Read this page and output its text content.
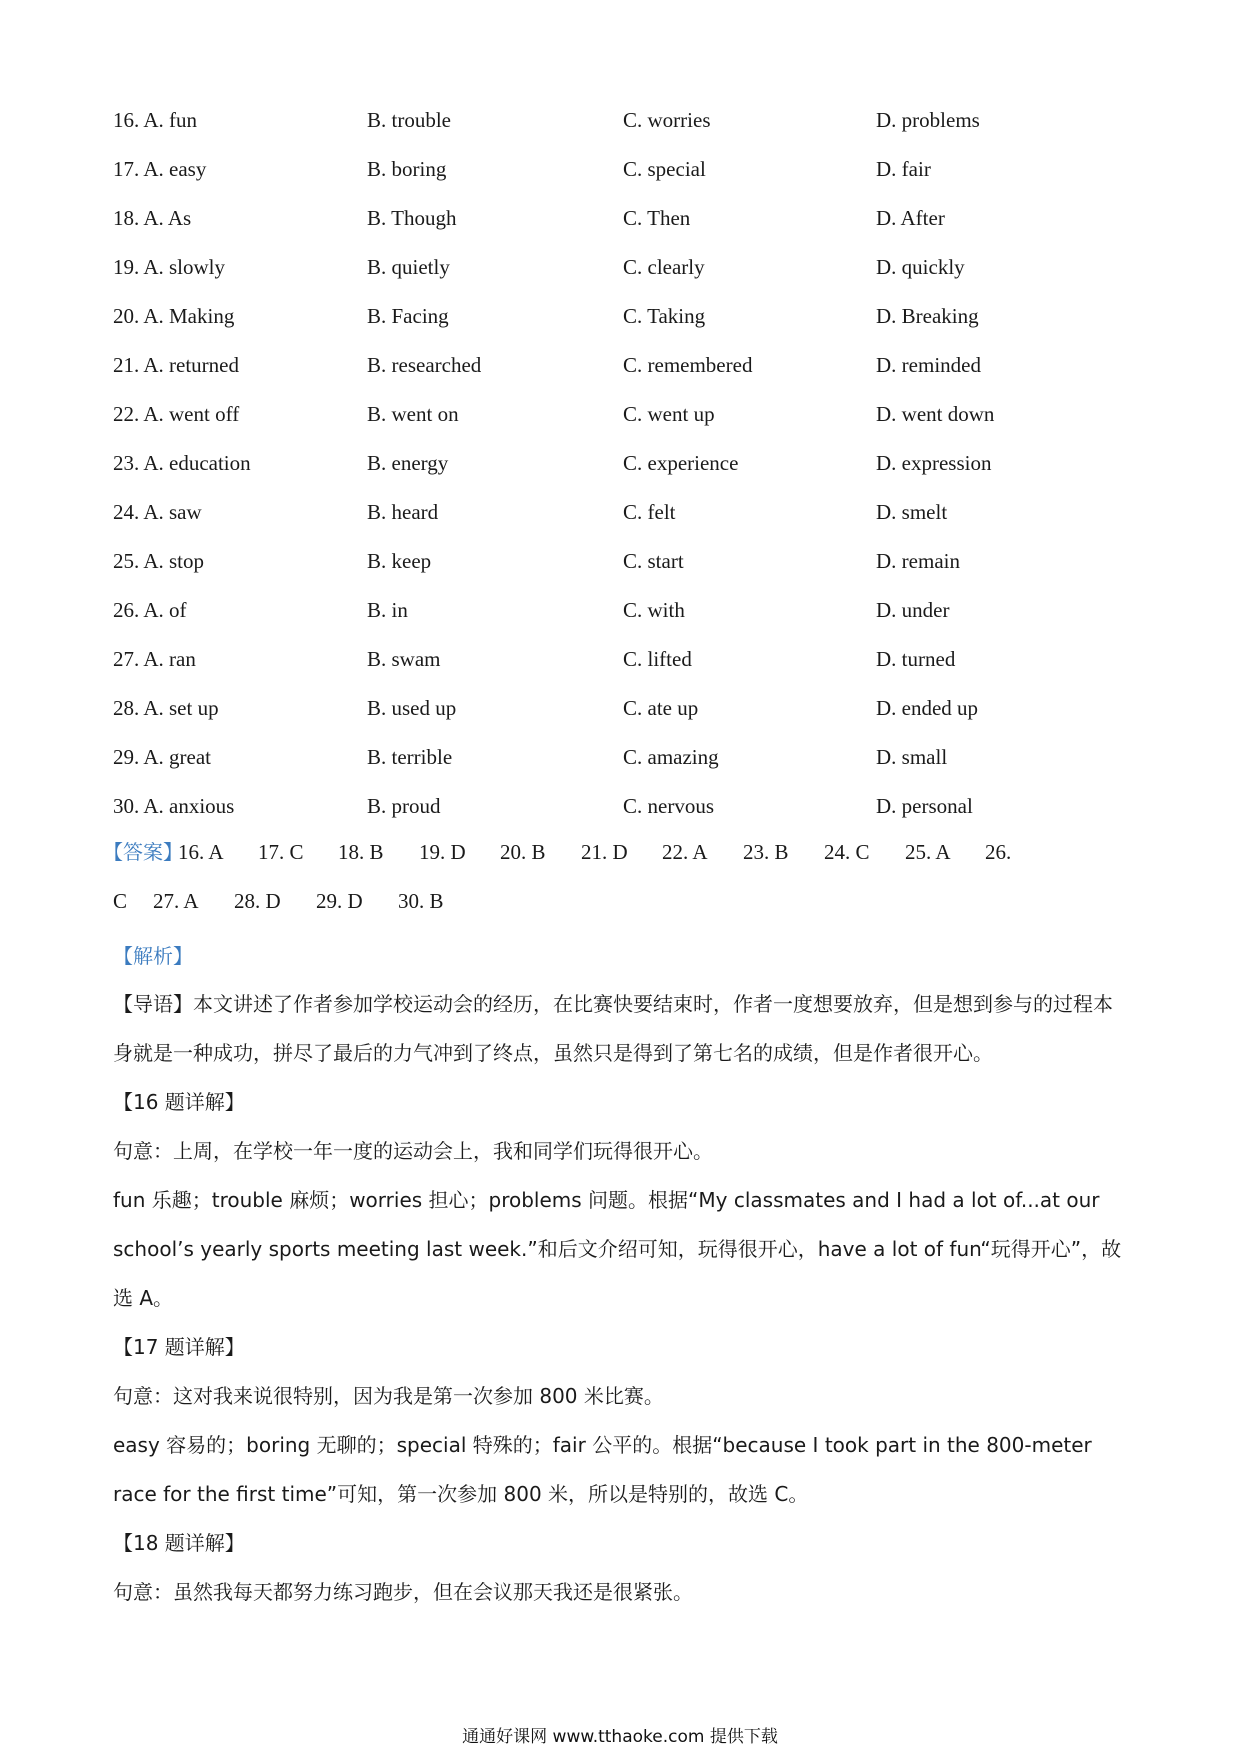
16. A. fun	B. trouble	C. worries	D. problems
17. A. easy	B. boring	C. special	D. fair
18. A. As	B. Though	C. Then	D. After
19. A. slowly	B. quietly	C. clearly	D. quickly
20. A. Making	B. Facing	C. Taking	D. Breaking
21. A. returned	B. researched	C. remembered	D. reminded
22. A. went off	B. went on	C. went up	D. went down
23. A. education	B. energy	C. experience	D. expression
24. A. saw	B. heard	C. felt	D. smelt
25. A. stop	B. keep	C. start	D. remain
26. A. of	B. in	C. with	D. under
27. A. ran	B. swam	C. lifted	D. turned
28. A. set up	B. used up	C. ate up	D. ended up
29. A. great	B. terrible	C. amazing	D. small
30. A. anxious	B. proud	C. nervous	D. personal
【答案】
16. A 17. C 18. B 19. D 20. B 21. D 22. A 23. B 24. C 25. A 26.
C 27. A 28. D 29. D 30. B
【解析】
【导语】本文讲述了作者参加学校运动会的经历，在比赛快要结束时，作者一度想要放弃，但是想到参与的过程本身就是一种成功，拼尽了最后的力气冲到了终点，虽然只是得到了第七名的成绩，但是作者很开心。
【16 题详解】
句意：上周，在学校一年一度的运动会上，我和同学们玩得很开心。
fun 乐趣；trouble 麻烦；worries 担心；problems 问题。根据“My classmates and I had a lot of...at our school’s yearly sports meeting last week.”和后文介绍可知，玩得很开心，have a lot of fun“玩得开心”，故选 A。
【17 题详解】
句意：这对我来说很特别，因为我是第一次参加 800 米比赛。
easy 容易的；boring 无聊的；special 特殊的；fair 公平的。根据“because I took part in the 800-meter race for the first time”可知，第一次参加 800 米，所以是特别的，故选 C。
【18 题详解】
句意：虽然我每天都努力练习跑步，但在会议那天我还是很紧张。
通通好课网 www.tthaoke.com 提供下载
